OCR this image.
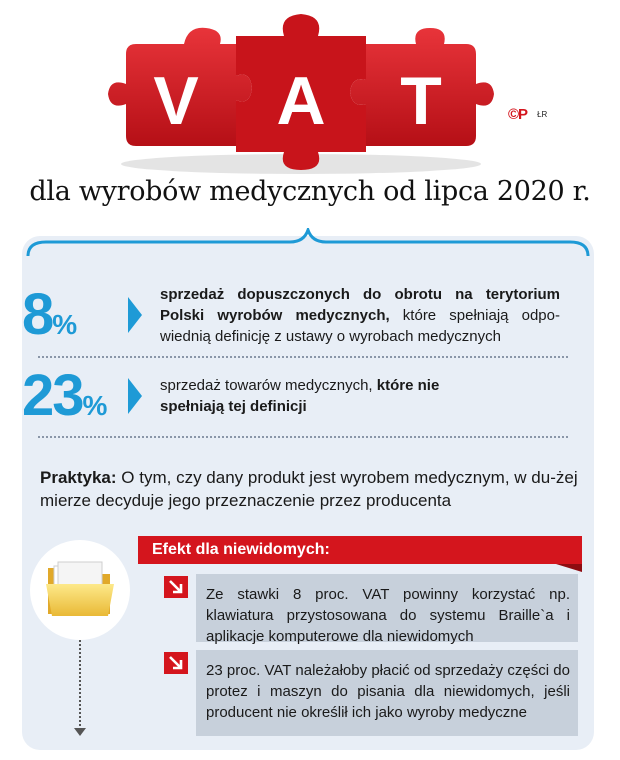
V A T	©P ŁR
dla wyrobów medycznych od lipca 2020 r.
8%
sprzedaż dopuszczonych do obrotu na terytorium Polski wyrobów medycznych, które spełniają odpo-wiednią definicję z ustawy o wyrobach medycznych
23%
sprzedaż towarów medycznych, które nie spełniają tej definicji
Praktyka: O tym, czy dany produkt jest wyrobem medycznym, w du-żej mierze decyduje jego przeznaczenie przez producenta
Efekt dla niewidomych:
Ze stawki 8 proc. VAT powinny korzystać np. klawiatura przystosowana do systemu Braille`a i aplikacje komputerowe dla niewidomych
23 proc. VAT należałoby płacić od sprzedaży części do protez i maszyn do pisania dla niewidomych, jeśli producent nie określił ich jako wyroby medyczne
